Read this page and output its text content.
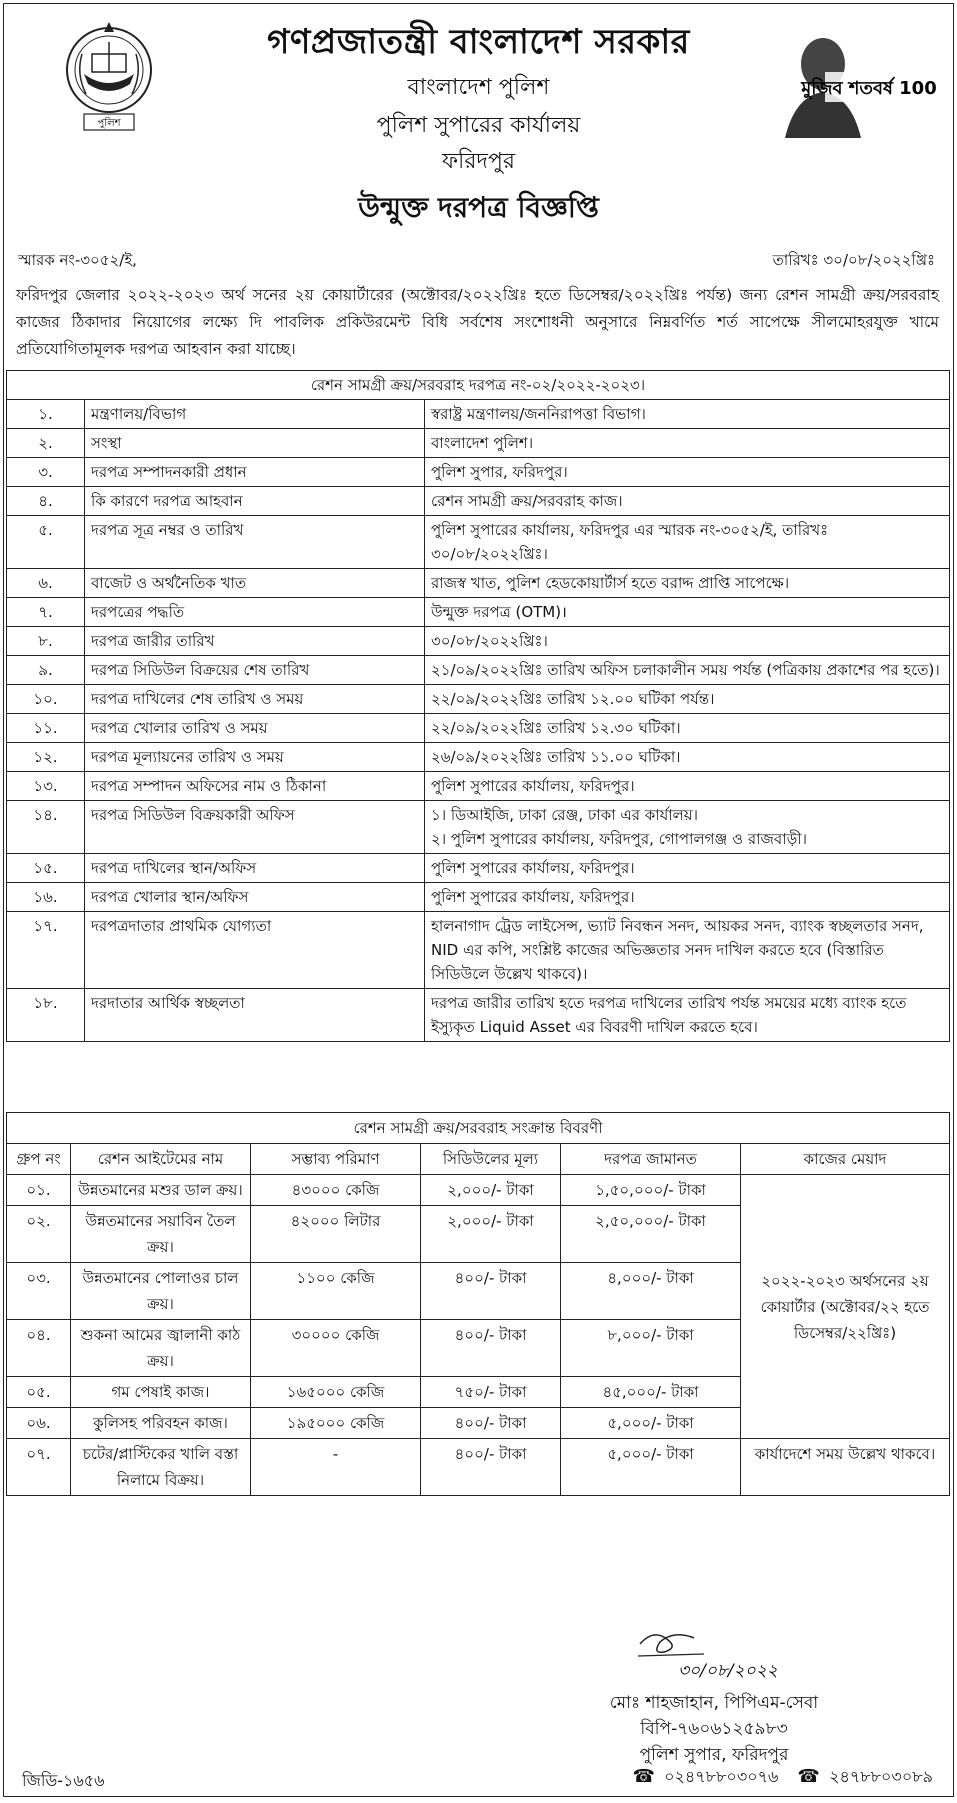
পুলিশ
গণপ্রজাতন্ত্রী বাংলাদেশ সরকার
বাংলাদেশ পুলিশ
পুলিশ সুপারের কার্যালয়
ফরিদপুর
উন্মুক্ত দরপত্র বিজ্ঞপ্তি
মুজিব শতবর্ষ 100
স্মারক নং-৩০৫২/ই,	তারিখঃ ৩০/০৮/২০২২খ্রিঃ
ফরিদপুর জেলার ২০২২-২০২৩ অর্থ সনের ২য় কোয়ার্টারের (অক্টোবর/২০২২খ্রিঃ হতে ডিসেম্বর/২০২২খ্রিঃ পর্যন্ত) জন্য রেশন সামগ্রী ক্রয়/সরবরাহ কাজের ঠিকাদার নিয়োগের লক্ষ্যে দি পাবলিক প্রকিউরমেন্ট বিধি সর্বশেষ সংশোধনী অনুসারে নিম্নবর্ণিত শর্ত সাপেক্ষে সীলমোহরযুক্ত খামে প্রতিযোগিতামূলক দরপত্র আহবান করা যাচ্ছে।
রেশন সামগ্রী ক্রয়/সরবরাহ দরপত্র নং-০২/২০২২-২০২৩।		
১.	মন্ত্রণালয়/বিভাগ	স্বরাষ্ট্র মন্ত্রণালয়/জননিরাপত্তা বিভাগ।
২.	সংস্থা	বাংলাদেশ পুলিশ।
৩.	দরপত্র সম্পাদনকারী প্রধান	পুলিশ সুপার, ফরিদপুর।
৪.	কি কারণে দরপত্র আহবান	রেশন সামগ্রী ক্রয়/সরবরাহ কাজ।
৫.	দরপত্র সূত্র নম্বর ও তারিখ	পুলিশ সুপারের কার্যালয়, ফরিদপুর এর স্মারক নং-৩০৫২/ই, তারিখঃ ৩০/০৮/২০২২খ্রিঃ।
৬.	বাজেট ও অর্থনৈতিক খাত	রাজস্ব খাত, পুলিশ হেডকোয়ার্টার্স হতে বরাদ্দ প্রাপ্তি সাপেক্ষে।
৭.	দরপত্রের পদ্ধতি	উন্মুক্ত দরপত্র (OTM)।
৮.	দরপত্র জারীর তারিখ	৩০/০৮/২০২২খ্রিঃ।
৯.	দরপত্র সিডিউল বিক্রয়ের শেষ তারিখ	২১/০৯/২০২২খ্রিঃ তারিখ অফিস চলাকালীন সময় পর্যন্ত (পত্রিকায় প্রকাশের পর হতে)।
১০.	দরপত্র দাখিলের শেষ তারিখ ও সময়	২২/০৯/২০২২খ্রিঃ তারিখ ১২.০০ ঘটিকা পর্যন্ত।
১১.	দরপত্র খোলার তারিখ ও সময়	২২/০৯/২০২২খ্রিঃ তারিখ ১২.৩০ ঘটিকা।
১২.	দরপত্র মূল্যায়নের তারিখ ও সময়	২৬/০৯/২০২২খ্রিঃ তারিখ ১১.০০ ঘটিকা।
১৩.	দরপত্র সম্পাদন অফিসের নাম ও ঠিকানা	পুলিশ সুপারের কার্যালয়, ফরিদপুর।
১৪.	দরপত্র সিডিউল বিক্রয়কারী অফিস	১। ডিআইজি, ঢাকা রেঞ্জ, ঢাকা এর কার্যালয়।
২। পুলিশ সুপারের কার্যালয়, ফরিদপুর, গোপালগঞ্জ ও রাজবাড়ী।

১৫.	দরপত্র দাখিলের স্থান/অফিস	পুলিশ সুপারের কার্যালয়, ফরিদপুর।
১৬.	দরপত্র খোলার স্থান/অফিস	পুলিশ সুপারের কার্যালয়, ফরিদপুর।
১৭.	দরপত্রদাতার প্রাথমিক যোগ্যতা	হালনাগাদ ট্রেড লাইসেন্স, ভ্যাট নিবন্ধন সনদ, আয়কর সনদ, ব্যাংক স্বচ্ছলতার সনদ, NID এর কপি, সংশ্লিষ্ট কাজের অভিজ্ঞতার সনদ দাখিল করতে হবে (বিস্তারিত সিডিউলে উল্লেখ থাকবে)।
১৮.	দরদাতার আর্থিক স্বচ্ছলতা	দরপত্র জারীর তারিখ হতে দরপত্র দাখিলের তারিখ পর্যন্ত সময়ের মধ্যে ব্যাংক হতে ইস্যুকৃত Liquid Asset এর বিবরণী দাখিল করতে হবে।
রেশন সামগ্রী ক্রয়/সরবরাহ সংক্রান্ত বিবরণী					
গ্রুপ নং	রেশন আইটেমের নাম	সম্ভাব্য পরিমাণ	সিডিউলের মূল্য	দরপত্র জামানত	কাজের মেয়াদ
০১.	উন্নতমানের মশুর ডাল ক্রয়।	৪৩০০০ কেজি	২,০০০/- টাকা	১,৫০,০০০/- টাকা	২০২২-২০২৩ অর্থসনের ২য় কোয়ার্টার (অক্টোবর/২২ হতে ডিসেম্বর/২২খ্রিঃ)
০২.	উন্নতমানের সয়াবিন তৈল ক্রয়।	৪২০০০ লিটার	২,০০০/- টাকা	২,৫০,০০০/- টাকা	
০৩.	উন্নতমানের পোলাওর চাল ক্রয়।	১১০০ কেজি	৪০০/- টাকা	৪,০০০/- টাকা	
০৪.	শুকনা আমের জ্বালানী কাঠ ক্রয়।	৩০০০০ কেজি	৪০০/- টাকা	৮,০০০/- টাকা	
০৫.	গম পেষাই কাজ।	১৬৫০০০ কেজি	৭৫০/- টাকা	৪৫,০০০/- টাকা	
০৬.	কুলিসহ পরিবহন কাজ।	১৯৫০০০ কেজি	৪০০/- টাকা	৫,০০০/- টাকা	
০৭.	চটের/প্লাস্টিকের খালি বস্তা নিলামে বিক্রয়।	-	৪০০/- টাকা	৫,০০০/- টাকা	কার্যাদেশে সময় উল্লেখ থাকবে।
৩০/০৮/২০২২
মোঃ শাহজাহান, পিপিএম-সেবা
বিপি-৭৬০৬১২৫৯৮৩
পুলিশ সুপার, ফরিদপুর
জিডি-১৬৫৬	☎ ০২৪৭৮৮০৩০৭৬ ☎ ২৪৭৮৮০৩০৮৯
